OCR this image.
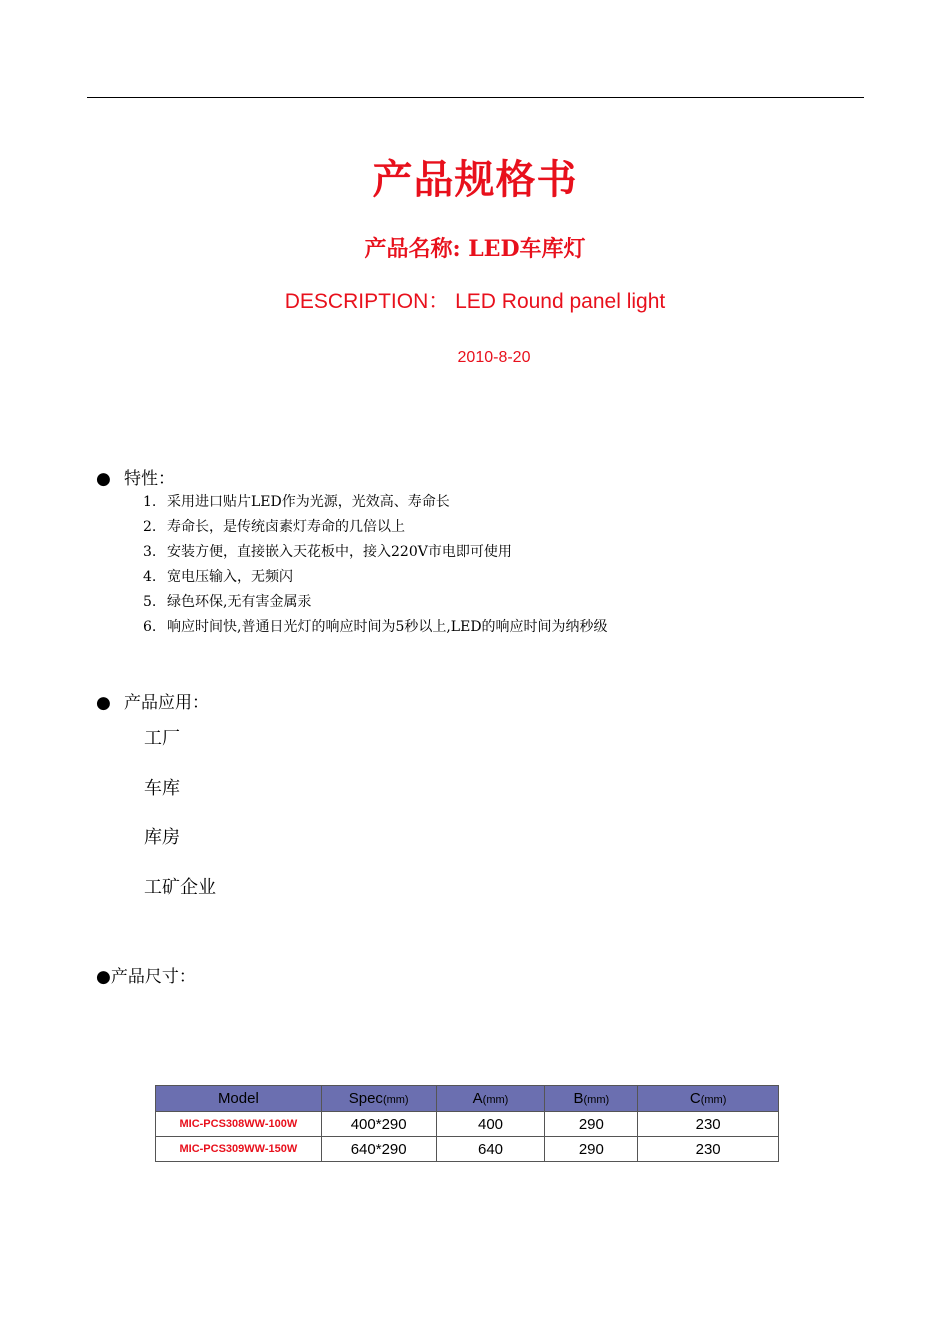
产品规格书
产品名称: LED车库灯
DESCRIPTION： LED Round panel light
2010-8-20
● 特性：
1. 采用进口贴片LED作为光源，光效高、寿命长
2. 寿命长，是传统卤素灯寿命的几倍以上
3. 安装方便，直接嵌入天花板中，接入220V市电即可使用
4. 宽电压输入，无频闪
5. 绿色环保,无有害金属汞
6. 响应时间快,普通日光灯的响应时间为5秒以上,LED的响应时间为纳秒级
● 产品应用：
工厂
车库
库房
工矿企业
●产品尺寸：
Model	Spec(mm)	A(mm)	B(mm)	C(mm)
MIC-PCS308WW-100W	400*290	400	290	230
MIC-PCS309WW-150W	640*290	640	290	230
